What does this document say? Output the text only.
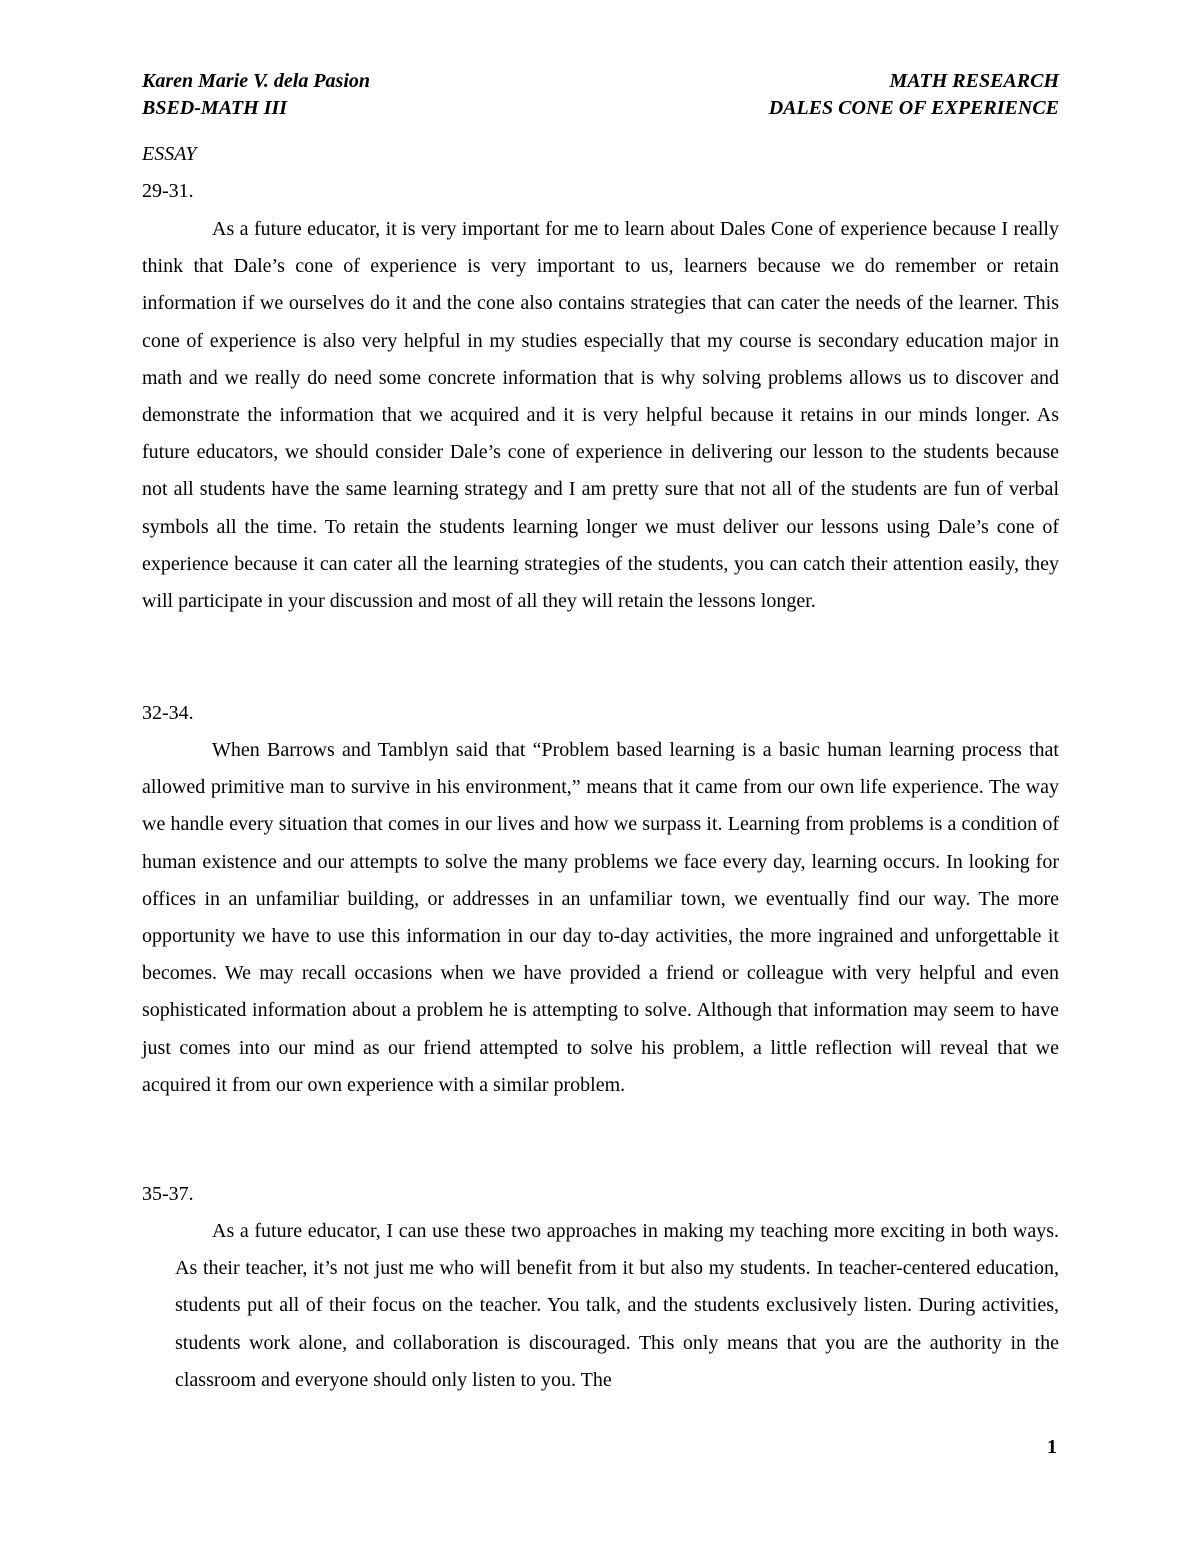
Karen Marie V. dela Pasion	MATH RESEARCH
BSED-MATH III	DALES CONE OF EXPERIENCE
ESSAY
29-31.

As a future educator, it is very important for me to learn about Dales Cone of experience because I really think that Dale’s cone of experience is very important to us, learners because we do remember or retain information if we ourselves do it and the cone also contains strategies that can cater the needs of the learner. This cone of experience is also very helpful in my studies especially that my course is secondary education major in math and we really do need some concrete information that is why solving problems allows us to discover and demonstrate the information that we acquired and it is very helpful because it retains in our minds longer. As future educators, we should consider Dale’s cone of experience in delivering our lesson to the students because not all students have the same learning strategy and I am pretty sure that not all of the students are fun of verbal symbols all the time. To retain the students learning longer we must deliver our lessons using Dale’s cone of experience because it can cater all the learning strategies of the students, you can catch their attention easily, they will participate in your discussion and most of all they will retain the lessons longer.

32-34.

When Barrows and Tamblyn said that “Problem based learning is a basic human learning process that allowed primitive man to survive in his environment,” means that it came from our own life experience. The way we handle every situation that comes in our lives and how we surpass it. Learning from problems is a condition of human existence and our attempts to solve the many problems we face every day, learning occurs. In looking for offices in an unfamiliar building, or addresses in an unfamiliar town, we eventually find our way. The more opportunity we have to use this information in our day to-day activities, the more ingrained and unforgettable it becomes. We may recall occasions when we have provided a friend or colleague with very helpful and even sophisticated information about a problem he is attempting to solve. Although that information may seem to have just comes into our mind as our friend attempted to solve his problem, a little reflection will reveal that we acquired it from our own experience with a similar problem.

35-37.

As a future educator, I can use these two approaches in making my teaching more exciting in both ways. As their teacher, it’s not just me who will benefit from it but also my students. In teacher-centered education, students put all of their focus on the teacher. You talk, and the students exclusively listen. During activities, students work alone, and collaboration is discouraged. This only means that you are the authority in the classroom and everyone should only listen to you. The

1
